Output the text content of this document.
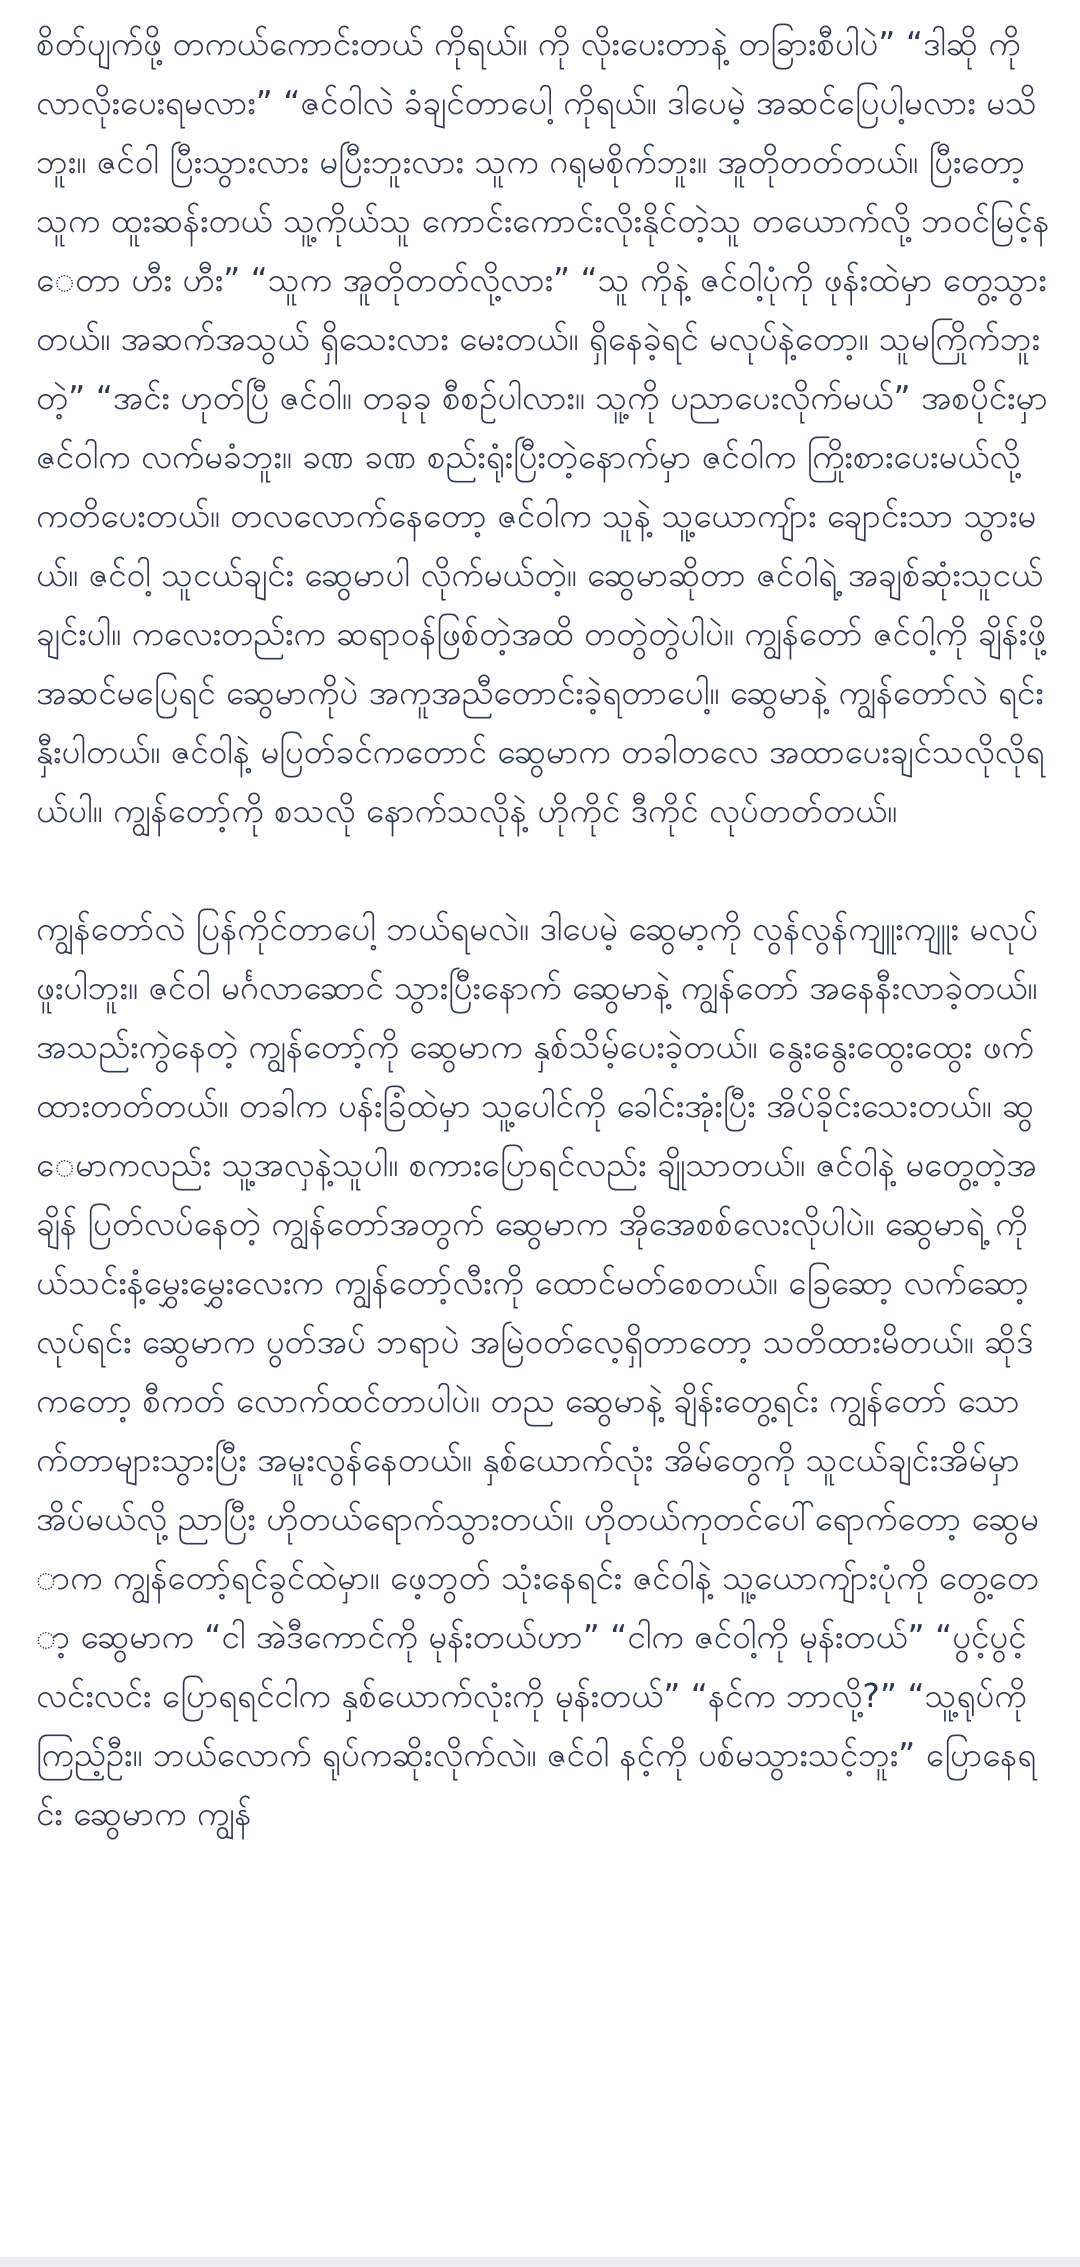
စိတ်ပျက်ဖို့ တကယ်ကောင်းတယ် ကိုရယ်။ ကို လိုးပေးတာနဲ့ တခြားစီပါပဲ” “ဒါဆို ကို လာလိုးပေးရမလား” “ဇင်ဝါလဲ ခံချင်တာပေါ့ ကိုရယ်။ ဒါပေမဲ့ အဆင်ပြေပါ့မလား မသိဘူး။ ဇင်ဝါ ပြီးသွားလား မပြီးဘူးလား သူက ဂရုမစိုက်ဘူး။ အူတိုတတ်တယ်။ ပြီးတော့ သူက ထူးဆန်းတယ် သူ့ကိုယ်သူ ကောင်းကောင်းလိုးနိုင်တဲ့သူ တယောက်လို့ ဘဝင်မြင့်နေတာ ဟီး ဟီး” “သူက အူတိုတတ်လို့လား” “သူ ကိုနဲ့ ဇင်ဝါ့ပုံကို ဖုန်းထဲမှာ တွေ့သွားတယ်။ အဆက်အသွယ် ရှိသေးလား မေးတယ်။ ရှိနေခဲ့ရင် မလုပ်နဲ့တော့။ သူမကြိုက်ဘူးတဲ့” “အင်း ဟုတ်ပြီ ဇင်ဝါ။ တခုခု စီစဉ်ပါလား။ သူ့ကို ပညာပေးလိုက်မယ်” အစပိုင်းမှာ ဇင်ဝါက လက်မခံဘူး။ ခဏ ခဏ စည်းရုံးပြီးတဲ့နောက်မှာ ဇင်ဝါက ကြိုးစားပေးမယ်လို့ ကတိပေးတယ်။ တလလောက်နေတော့ ဇင်ဝါက သူနဲ့ သူ့ယောကျ်ား ချောင်းသာ သွားမယ်။ ဇင်ဝါ့ သူငယ်ချင်း ဆွေမာပါ လိုက်မယ်တဲ့။ ဆွေမာဆိုတာ ဇင်ဝါရဲ့ အချစ်ဆုံးသူငယ်ချင်းပါ။ ကလေးတည်းက ဆရာဝန်ဖြစ်တဲ့အထိ တတွဲတွဲပါပဲ။ ကျွန်တော် ဇင်ဝါ့ကို ချိန်းဖို့ အဆင်မပြေရင် ဆွေမာကိုပဲ အကူအညီတောင်းခဲ့ရတာပေါ့။ ဆွေမာနဲ့ ကျွန်တော်လဲ ရင်းနှီးပါတယ်။ ဇင်ဝါနဲ့ မပြတ်ခင်ကတောင် ဆွေမာက တခါတလေ အထာပေးချင်သလိုလိုရယ်ပါ။ ကျွန်တော့်ကို စသလို နောက်သလိုနဲ့ ဟိုကိုင် ဒီကိုင် လုပ်တတ်တယ်။

ကျွန်တော်လဲ ပြန်ကိုင်တာပေါ့ ဘယ်ရမလဲ။ ဒါပေမဲ့ ဆွေမာ့ကို လွန်လွန်ကျူးကျူး မလုပ်ဖူးပါဘူး။ ဇင်ဝါ မင်္ဂလာဆောင် သွားပြီးနောက် ဆွေမာနဲ့ ကျွန်တော် အနေနီးလာခဲ့တယ်။ အသည်းကွဲနေတဲ့ ကျွန်တော့်ကို ဆွေမာက နှစ်သိမ့်ပေးခဲ့တယ်။ နွေးနွေးထွေးထွေး ဖက်ထားတတ်တယ်။ တခါက ပန်းခြံထဲမှာ သူ့ပေါင်ကို ခေါင်းအုံးပြီး အိပ်ခိုင်းသေးတယ်။ ဆွေမာကလည်း သူ့အလှနဲ့သူပါ။ စကားပြောရင်လည်း ချိုသာတယ်။ ဇင်ဝါနဲ့ မတွေ့တဲ့အချိန် ပြတ်လပ်နေတဲ့ ကျွန်တော်အတွက် ဆွေမာက အိုအေစစ်လေးလိုပါပဲ။ ဆွေမာရဲ့ ကိုယ်သင်းနံ့မွှေးမွှေးလေးက ကျွန်တော့်လီးကို ထောင်မတ်စေတယ်။ ခြေဆော့ လက်ဆော့ လုပ်ရင်း ဆွေမာက ပွတ်အပ် ဘရာပဲ အမြဲဝတ်လေ့ရှိတာတော့ သတိထားမိတယ်။ ဆိုဒ် ကတော့ စီကတ် လောက်ထင်တာပါပဲ။ တည ဆွေမာနဲ့ ချိန်းတွေ့ရင်း ကျွန်တော် သောက်တာများသွားပြီး အမူးလွန်နေတယ်။ နှစ်ယောက်လုံး အိမ်တွေကို သူငယ်ချင်းအိမ်မှာ အိပ်မယ်လို့ ညာပြီး ဟိုတယ်ရောက်သွားတယ်။ ဟိုတယ်ကုတင်ပေါ်ရောက်တော့ ဆွေမာက ကျွန်တော့်ရင်ခွင်ထဲမှာ။ ဖေ့ဘွတ် သုံးနေရင်း ဇင်ဝါနဲ့ သူ့ယောကျ်ားပုံကို တွေ့တော့ ဆွေမာက “ငါ အဲဒီကောင်ကို မုန်းတယ်ဟာ” “ငါက ဇင်ဝါ့ကို မုန်းတယ်” “ပွင့်ပွင့်လင်းလင်း ပြောရရင်ငါက နှစ်ယောက်လုံးကို မုန်းတယ်” “နင်က ဘာလို့?” “သူ့ရုပ်ကို ကြည့်ဦး။ ဘယ်လောက် ရုပ်ကဆိုးလိုက်လဲ။ ဇင်ဝါ နင့်ကို ပစ်မသွားသင့်ဘူး” ပြောနေရင်း ဆွေမာက ကျွန်
